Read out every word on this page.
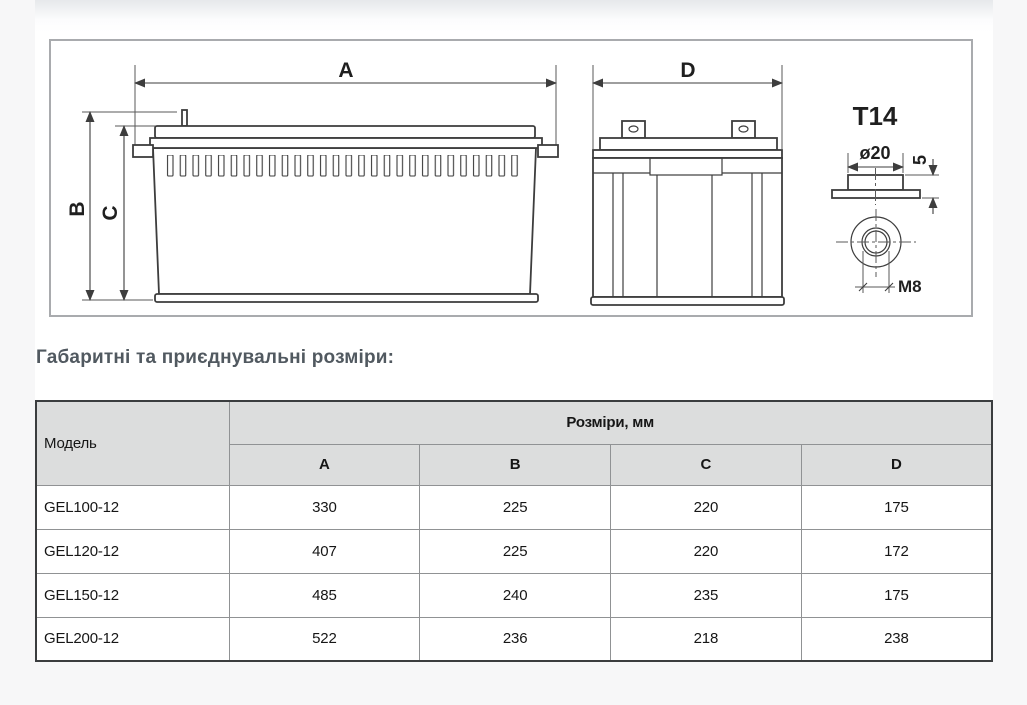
A
B C
D
T14
ø20 5
M8
Габаритні та приєднувальні розміри:
Модель	Розміри, мм			
	A	B	C	D
GEL100-12	330	225	220	175
GEL120-12	407	225	220	172
GEL150-12	485	240	235	175
GEL200-12	522	236	218	238
